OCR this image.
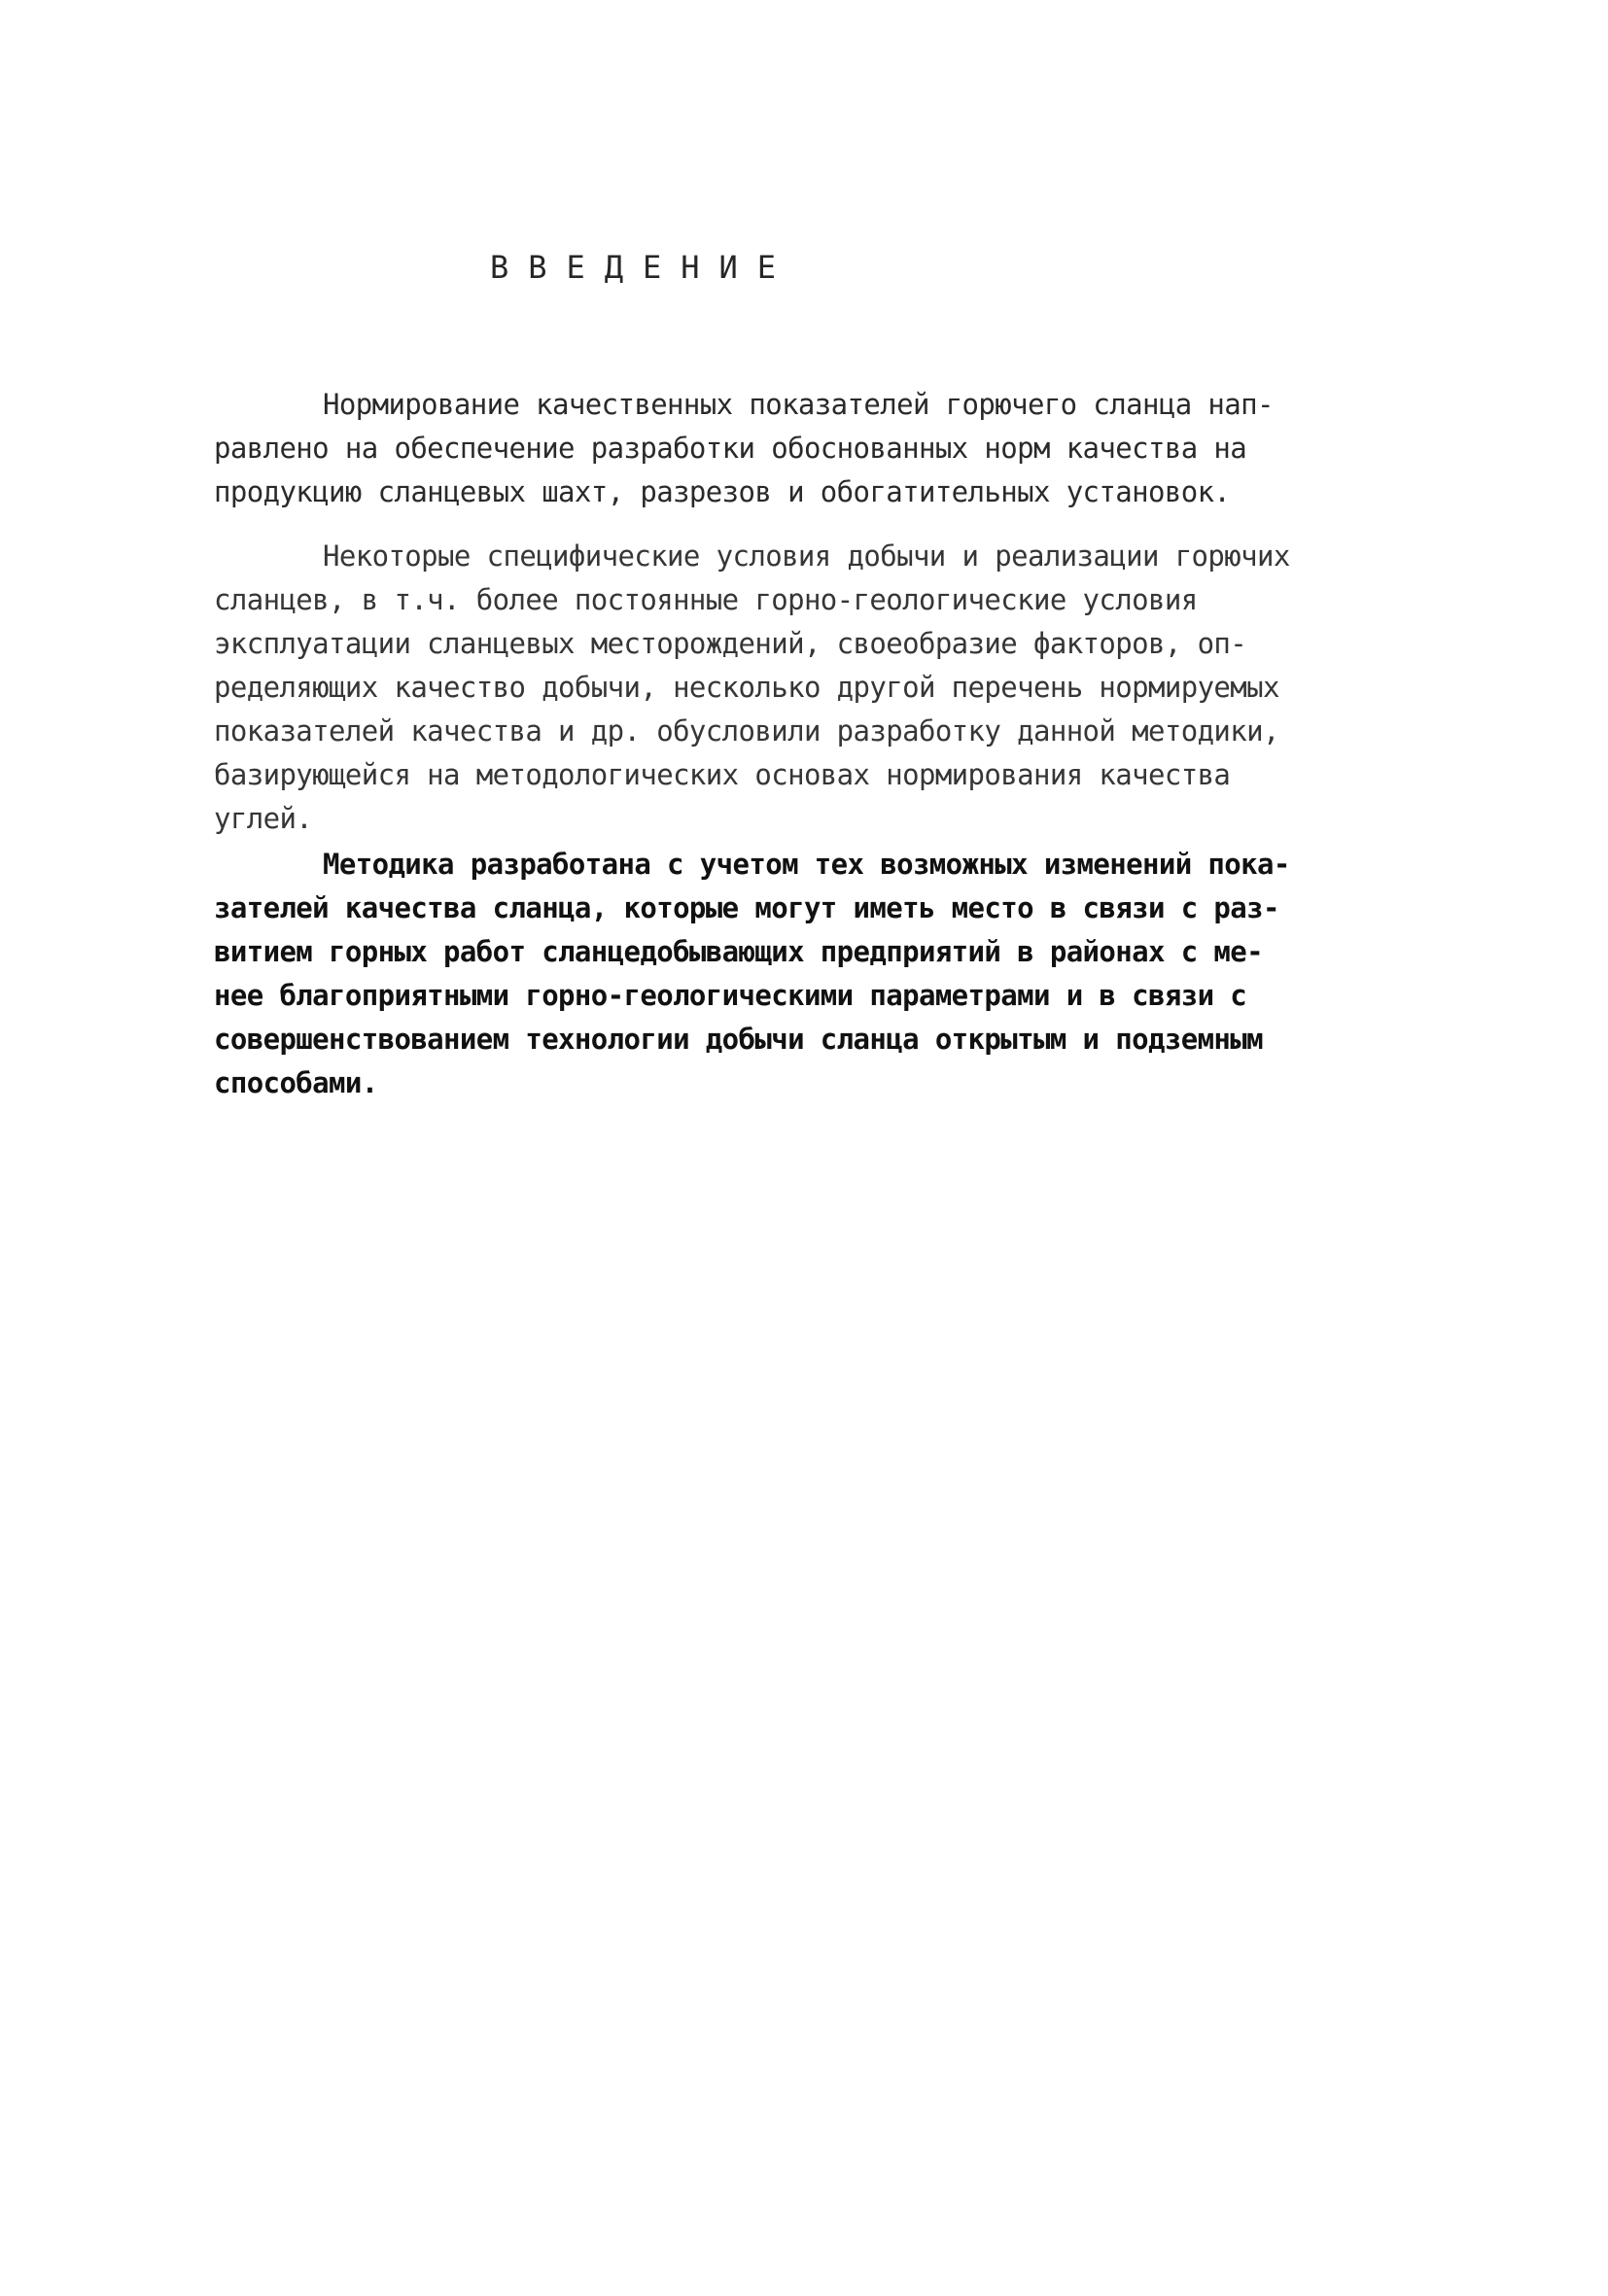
ВВЕДЕНИЕ

Нормирование качественных показателей горючего сланца нап-
равлено на обеспечение разработки обоснованных норм качества на
продукцию сланцевых шахт, разрезов и обогатительных установок.

Некоторые специфические условия добычи и реализации горючих
сланцев, в т.ч. более постоянные горно-геологические условия
эксплуатации сланцевых месторождений, своеобразие факторов, оп-
ределяющих качество добычи, несколько другой перечень нормируемых
показателей качества и др. обусловили разработку данной методики,
базирующейся на методологических основах нормирования качества
углей.

Методика разработана с учетом тех возможных изменений пока-
зателей качества сланца, которые могут иметь место в связи с раз-
витием горных работ сланцедобывающих предприятий в районах с ме-
нее благоприятными горно-геологическими параметрами и в связи с
совершенствованием технологии добычи сланца открытым и подземным
способами.
